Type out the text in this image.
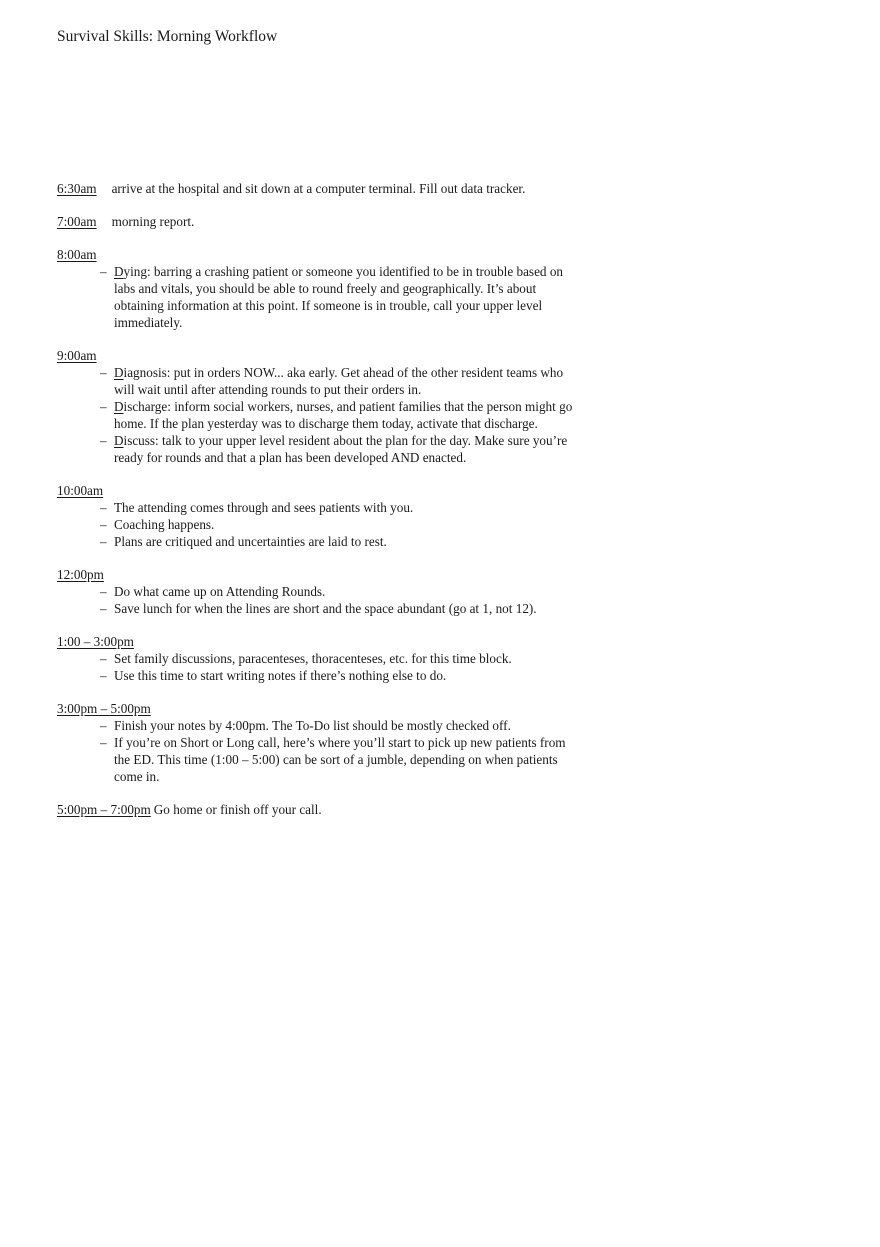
Survival Skills: Morning Workflow
6:30am arrive at the hospital and sit down at a computer terminal. Fill out data tracker.
7:00am morning report.
8:00am
– Dying: barring a crashing patient or someone you identified to be in trouble based on labs and vitals, you should be able to round freely and geographically. It’s about obtaining information at this point. If someone is in trouble, call your upper level immediately.
9:00am
– Diagnosis: put in orders NOW... aka early. Get ahead of the other resident teams who will wait until after attending rounds to put their orders in.
– Discharge: inform social workers, nurses, and patient families that the person might go home. If the plan yesterday was to discharge them today, activate that discharge.
– Discuss: talk to your upper level resident about the plan for the day. Make sure you’re ready for rounds and that a plan has been developed AND enacted.
10:00am
– The attending comes through and sees patients with you.
– Coaching happens.
– Plans are critiqued and uncertainties are laid to rest.
12:00pm
– Do what came up on Attending Rounds.
– Save lunch for when the lines are short and the space abundant (go at 1, not 12).
1:00 – 3:00pm
– Set family discussions, paracenteses, thoracenteses, etc. for this time block.
– Use this time to start writing notes if there’s nothing else to do.
3:00pm – 5:00pm
– Finish your notes by 4:00pm. The To-Do list should be mostly checked off.
– If you’re on Short or Long call, here’s where you’ll start to pick up new patients from the ED. This time (1:00 – 5:00) can be sort of a jumble, depending on when patients come in.
5:00pm – 7:00pm Go home or finish off your call.
